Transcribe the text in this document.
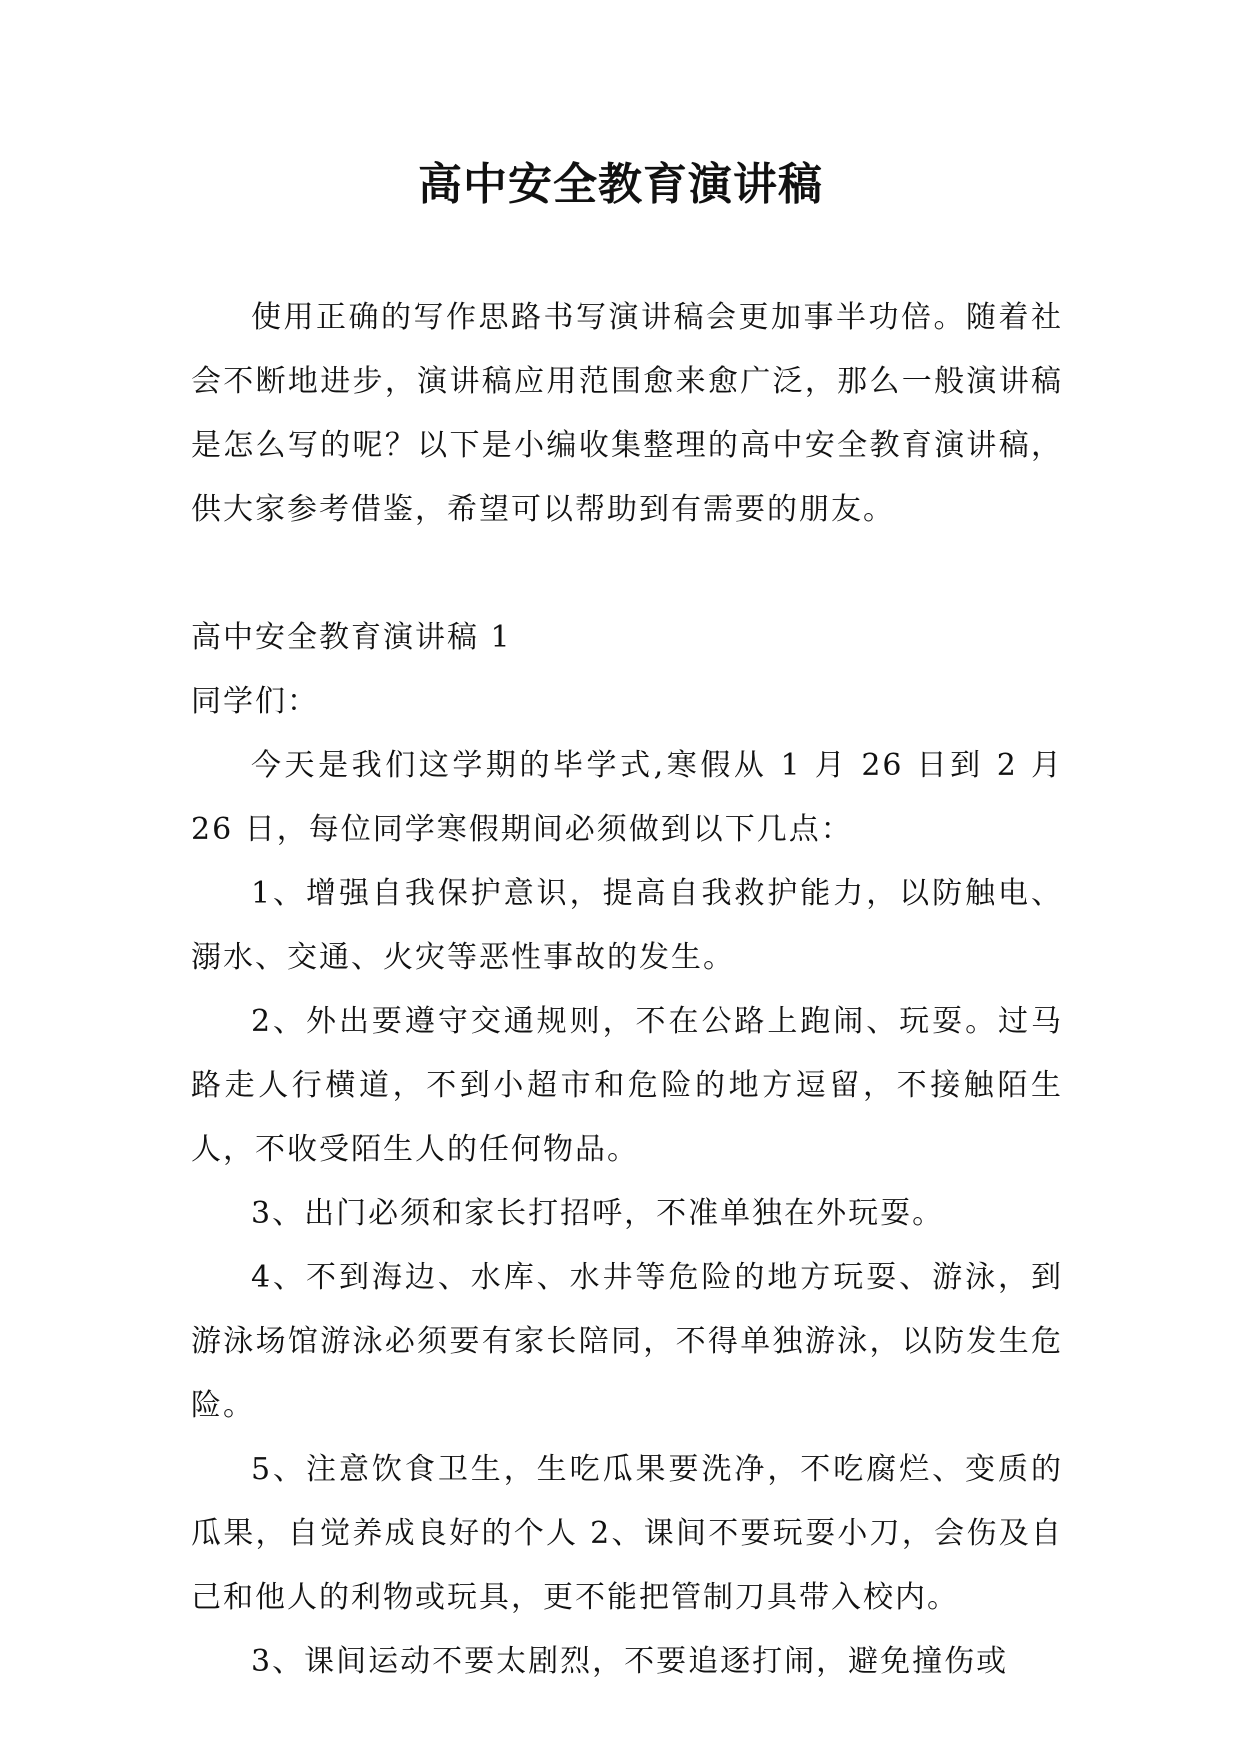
高中安全教育演讲稿

使用正确的写作思路书写演讲稿会更加事半功倍。随着社会不断地进步，演讲稿应用范围愈来愈广泛，那么一般演讲稿是怎么写的呢？以下是小编收集整理的高中安全教育演讲稿，供大家参考借鉴，希望可以帮助到有需要的朋友。

高中安全教育演讲稿 1

同学们：

今天是我们这学期的毕学式,寒假从 1 月 26 日到 2 月 26 日，每位同学寒假期间必须做到以下几点：

1、增强自我保护意识，提高自我救护能力，以防触电、溺水、交通、火灾等恶性事故的发生。

2、外出要遵守交通规则，不在公路上跑闹、玩耍。过马路走人行横道，不到小超市和危险的地方逗留，不接触陌生人，不收受陌生人的任何物品。

3、出门必须和家长打招呼，不准单独在外玩耍。

4、不到海边、水库、水井等危险的地方玩耍、游泳，到游泳场馆游泳必须要有家长陪同，不得单独游泳，以防发生危险。

5、注意饮食卫生，生吃瓜果要洗净，不吃腐烂、变质的瓜果，自觉养成良好的个人 2、课间不要玩耍小刀，会伤及自己和他人的利物或玩具，更不能把管制刀具带入校内。

3、课间运动不要太剧烈，不要追逐打闹，避免撞伤或
